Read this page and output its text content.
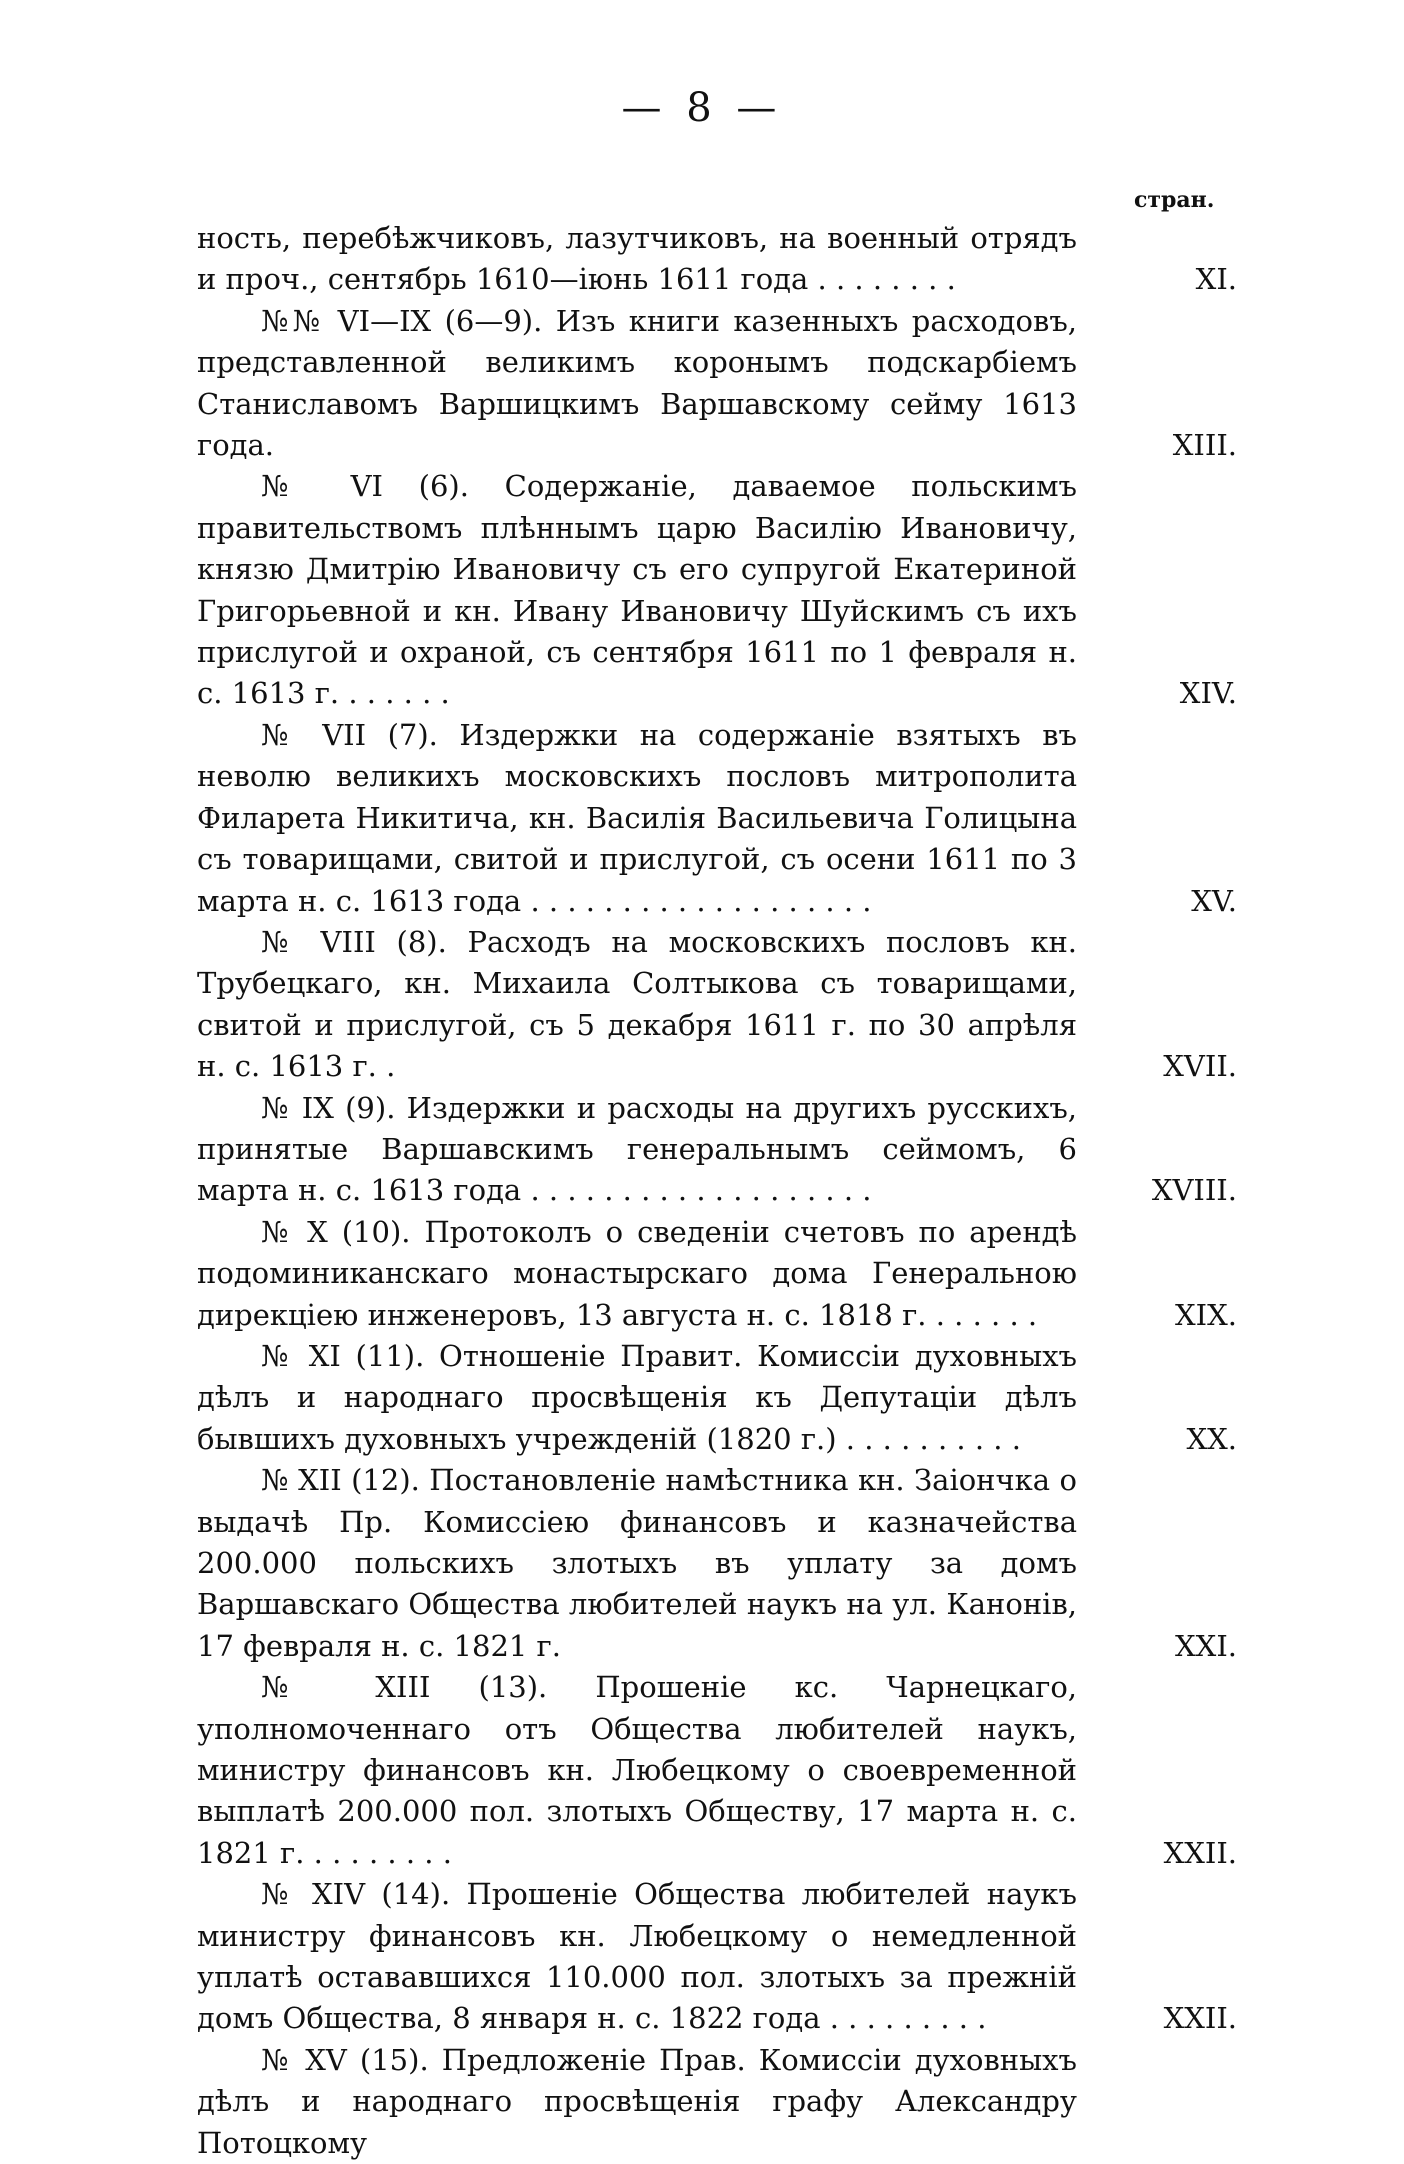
— 8 —
стран.
ность, перебѣжчиковъ, лазутчиковъ, на военный отрядъ и проч., сентябрь 1610—іюнь 1611 года . . . . . . . .	XI.
№№ VI—IX (6—9). Изъ книги казенныхъ расходовъ, представленной великимъ коронымъ подскарбіемъ Станиславомъ Варшицкимъ Варшавскому сейму 1613 года.	XIII.
№ VI (6). Содержаніе, даваемое польскимъ правительствомъ плѣннымъ царю Василію Ивановичу, князю Дмитрію Ивановичу съ его супругой Екатериной Григорьевной и кн. Ивану Ивановичу Шуйскимъ съ ихъ прислугой и охраной, съ сентября 1611 по 1 февраля н. с. 1613 г. . . . . . .	XIV.
№ VII (7). Издержки на содержаніе взятыхъ въ неволю великихъ московскихъ пословъ митрополита Филарета Никитича, кн. Василія Васильевича Голицына съ товарищами, свитой и прислугой, съ осени 1611 по 3 марта н. с. 1613 года . . . . . . . . . . . . . . . . . . .	XV.
№ VIII (8). Расходъ на московскихъ пословъ кн. Трубецкаго, кн. Михаила Солтыкова съ товарищами, свитой и прислугой, съ 5 декабря 1611 г. по 30 апрѣля н. с. 1613 г. .	XVII.
№ IX (9). Издержки и расходы на другихъ русскихъ, принятые Варшавскимъ генеральнымъ сеймомъ, 6 марта н. с. 1613 года . . . . . . . . . . . . . . . . . . .	XVIII.
№ X (10). Протоколъ о сведеніи счетовъ по арендѣ подоминиканскаго монастырскаго дома Генеральною дирекціею инженеровъ, 13 августа н. с. 1818 г. . . . . . .	XIX.
№ XI (11). Отношеніе Правит. Комиссіи духовныхъ дѣлъ и народнаго просвѣщенія къ Депутаціи дѣлъ бывшихъ духовныхъ учрежденій (1820 г.) . . . . . . . . . .	XX.
№ XII (12). Постановленіе намѣстника кн. Заіончка о выдачѣ Пр. Комиссіею финансовъ и казначейства 200.000 польскихъ злотыхъ въ уплату за домъ Варшавскаго Общества любителей наукъ на ул. Канонів, 17 февраля н. с. 1821 г.	XXI.
№ XIII (13). Прошеніе кс. Чарнецкаго, уполномоченнаго отъ Общества любителей наукъ, министру финансовъ кн. Любецкому о своевременной выплатѣ 200.000 пол. злотыхъ Обществу, 17 марта н. с. 1821 г. . . . . . . . .	XXII.
№ XIV (14). Прошеніе Общества любителей наукъ министру финансовъ кн. Любецкому о немедленной уплатѣ остававшихся 110.000 пол. злотыхъ за прежній домъ Общества, 8 января н. с. 1822 года . . . . . . . . .	XXII.
№ XV (15). Предложеніе Прав. Комиссіи духовныхъ дѣлъ и народнаго просвѣщенія графу Александру Потоцкому
